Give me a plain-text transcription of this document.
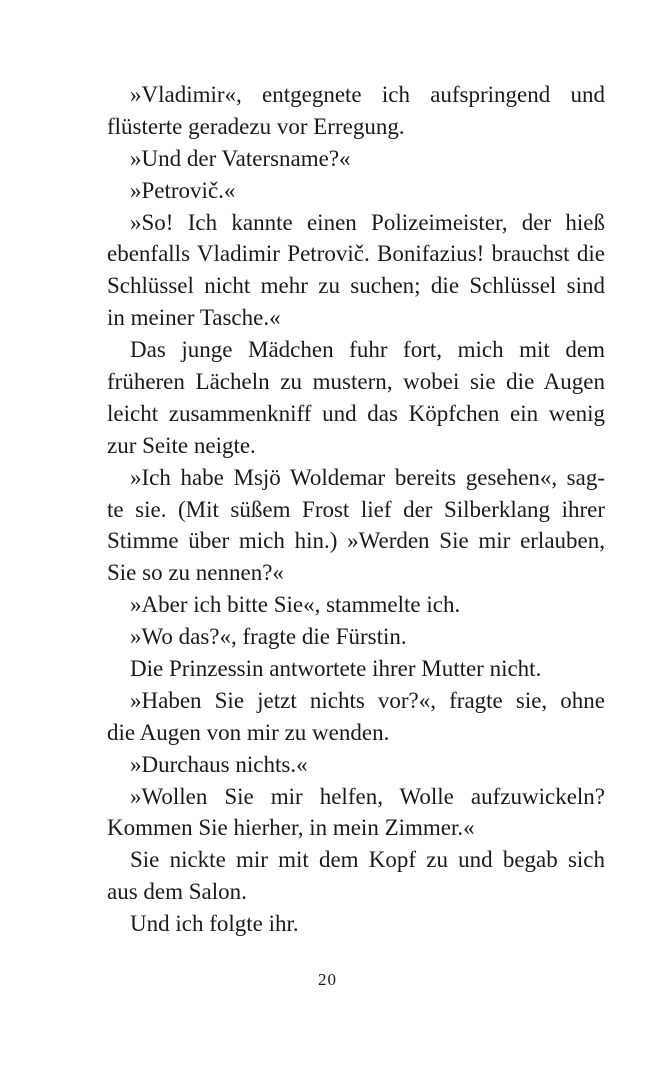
»Vladimir«, entgegnete ich aufspringend und
flüsterte geradezu vor Erregung.
»Und der Vatersname?«
»Petrovič.«
»So! Ich kannte einen Polizeimeister, der hieß
ebenfalls Vladimir Petrovič. Bonifazius! brauchst die
Schlüssel nicht mehr zu suchen; die Schlüssel sind
in meiner Tasche.«
Das junge Mädchen fuhr fort, mich mit dem
früheren Lächeln zu mustern, wobei sie die Augen
leicht zusammenkniff und das Köpfchen ein wenig
zur Seite neigte.
»Ich habe Msjö Woldemar bereits gesehen«, sag-
te sie. (Mit süßem Frost lief der Silberklang ihrer
Stimme über mich hin.) »Werden Sie mir erlauben,
Sie so zu nennen?«
»Aber ich bitte Sie«, stammelte ich.
»Wo das?«, fragte die Fürstin.
Die Prinzessin antwortete ihrer Mutter nicht.
»Haben Sie jetzt nichts vor?«, fragte sie, ohne
die Augen von mir zu wenden.
»Durchaus nichts.«
»Wollen Sie mir helfen, Wolle aufzuwickeln?
Kommen Sie hierher, in mein Zimmer.«
Sie nickte mir mit dem Kopf zu und begab sich
aus dem Salon.
Und ich folgte ihr.
20
